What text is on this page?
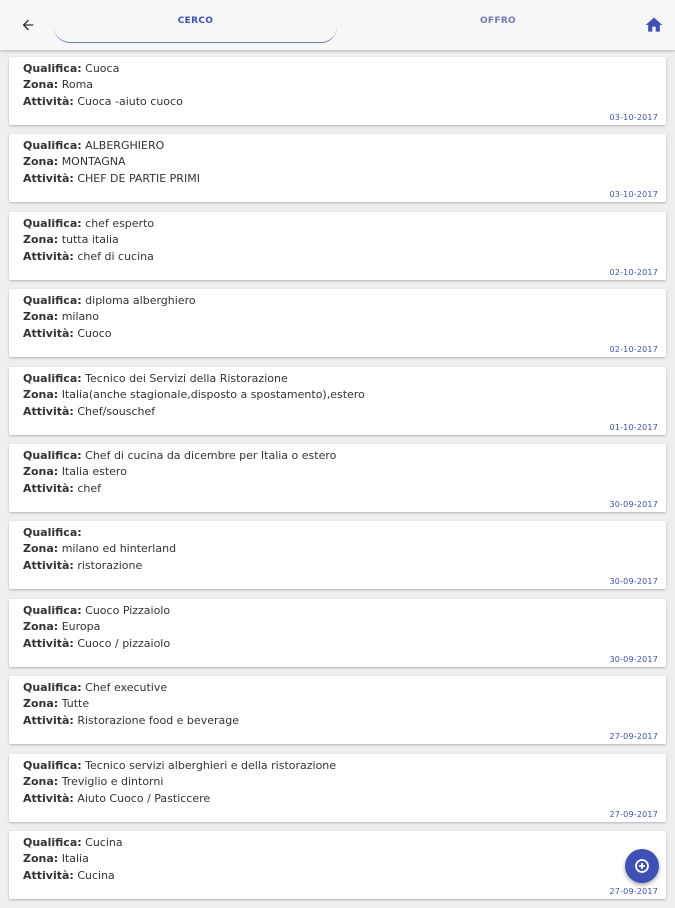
CERCO	OFFRO
Qualifica: Cuoca
Zona: Roma
Attività: Cuoca -aiuto cuoco
03-10-2017
Qualifica: ALBERGHIERO
Zona: MONTAGNA
Attività: CHEF DE PARTIE PRIMI
03-10-2017
Qualifica: chef esperto
Zona: tutta italia
Attività: chef di cucina
02-10-2017
Qualifica: diploma alberghiero
Zona: milano
Attività: Cuoco
02-10-2017
Qualifica: Tecnico dei Servizi della Ristorazione
Zona: Italia(anche stagionale,disposto a spostamento),estero
Attività: Chef/souschef
01-10-2017
Qualifica: Chef di cucina da dicembre per Italia o estero
Zona: Italia estero
Attività: chef
30-09-2017
Qualifica:
Zona: milano ed hinterland
Attività: ristorazione
30-09-2017
Qualifica: Cuoco Pizzaiolo
Zona: Europa
Attività: Cuoco / pizzaiolo
30-09-2017
Qualifica: Chef executive
Zona: Tutte
Attività: Ristorazione food e beverage
27-09-2017
Qualifica: Tecnico servizi alberghieri e della ristorazione
Zona: Treviglio e dintorni
Attività: Aiuto Cuoco / Pasticcere
27-09-2017
Qualifica: Cucina
Zona: Italia
Attività: Cucina
27-09-2017
